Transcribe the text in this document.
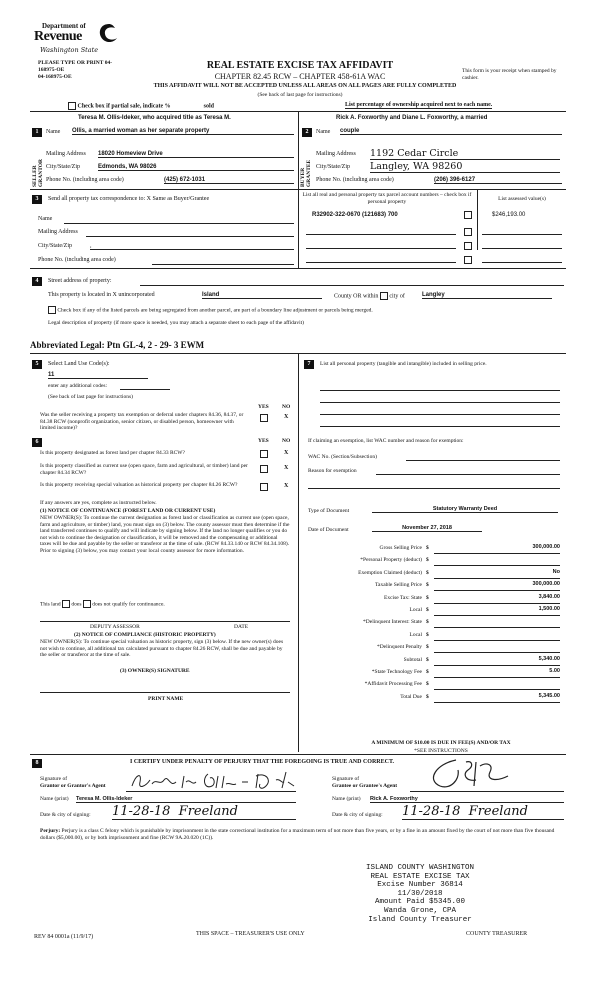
Department of
Revenue
Washington State
PLEASE TYPE OR PRINT 04-
168975-OE
04-168975-OE
REAL ESTATE EXCISE TAX AFFIDAVIT
CHAPTER 82.45 RCW – CHAPTER 458-61A WAC
This form is your receipt when stamped by cashier.
THIS AFFIDAVIT WILL NOT BE ACCEPTED UNLESS ALL AREAS ON ALL PAGES ARE FULLY COMPLETED
(See back of last page for instructions)
Check box if partial sale, indicate %	sold	List percentage of ownership acquired next to each name.
1	Name
Teresa M. Ollis-Ideker, who acquired title as Teresa M.
Ollis, a married woman as her separate property
SELLER GRANTOR
Mailing Address 18020 Homeview Drive
City/State/Zip	Edmonds, WA 98026
Phone No. (including area code)	(425) 672-1031
2	Name
Rick A. Foxworthy and Diane L. Foxworthy, a married
couple
BUYER GRANTEE
Mailing Address 1192 Cedar Circle
City/State/Zip Langley, WA 98260
Phone No. (including area code)	(206) 396-6127
3	Send all property tax correspondence to: X Same as Buyer/Grantee
Name
Mailing Address
City/State/Zip	,
Phone No. (including area code)
List all real and personal property tax parcel account numbers – check box if personal property	List assessed value(s)
R32902-322-0670 (121683) 700	$246,193.00
4	Street address of property:
This property is located in X unincorporated	Island	County OR within city of	Langley
Check box if any of the listed parcels are being segregated from another parcel, are part of a boundary line adjustment or parcels being merged.
Legal description of property (if more space is needed, you may attach a separate sheet to each page of the affidavit)
Abbreviated Legal: Ptn GL-4, 2 - 29- 3 EWM
5	Select Land Use Code(s):
11
enter any additional codes:
(See back of last page for instructions)
YES NO
Was the seller receiving a property tax exemption or deferral under chapters 84.36, 84.37, or 84.38 RCW (nonprofit organization, senior citizen, or disabled person, homeowner with limited income)?
X
6	YES NO
Is this property designated as forest land per chapter 84.33 RCW?	X
Is this property classified as current use (open space, farm and agricultural, or timber) land per chapter 84.34 RCW?
X
Is this property receiving special valuation as historical property per chapter 84.26 RCW?	X
If any answers are yes, complete as instructed below.
(1) NOTICE OF CONTINUANCE (FOREST LAND OR CURRENT USE)
NEW OWNER(S): To continue the current designation as forest land or classification as current use (open space, farm and agriculture, or timber) land, you must sign on (3) below. The county assessor must then determine if the land transferred continues to qualify and will indicate by signing below. If the land no longer qualifies or you do not wish to continue the designation or classification, it will be removed and the compensating or additional taxes will be due and payable by the seller or transferor at the time of sale. (RCW 84.33.140 or RCW 84.34.108). Prior to signing (3) below, you may contact your local county assessor for more information.
This land does does not qualify for continuance.
DEPUTY ASSESSOR	DATE
(2) NOTICE OF COMPLIANCE (HISTORIC PROPERTY)
NEW OWNER(S): To continue special valuation as historic property, sign (3) below. If the new owner(s) does not wish to continue, all additional tax calculated pursuant to chapter 84.26 RCW, shall be due and payable by the seller or transferor at the time of sale.
(3) OWNER(S) SIGNATURE
PRINT NAME
7	List all personal property (tangible and intangible) included in selling price.
If claiming an exemption, list WAC number and reason for exemption:
WAC No. (Section/Subsection)
Reason for exemption
Type of Document	Statutory Warranty Deed
Date of Document	November 27, 2018
Gross Selling Price $	300,000.00
*Personal Property (deduct) $
Exemption Claimed (deduct) $	No
Taxable Selling Price $	300,000.00
Excise Tax: State $	3,840.00
Local $	1,500.00
*Delinquent Interest: State $
Local $
*Delinquent Penalty $
Subtotal $	5,340.00
*State Technology Fee $	5.00
*Affidavit Processing Fee $
Total Due $	5,345.00
A MINIMUM OF $10.00 IS DUE IN FEE(S) AND/OR TAX
*SEE INSTRUCTIONS
8	I CERTIFY UNDER PENALTY OF PERJURY THAT THE FOREGOING IS TRUE AND CORRECT.
Signature of
Grantor or Grantor's Agent
Signature of
Grantee or Grantee's Agent
Name (print) Teresa M. Ollis-Ideker	Name (print) Rick A. Foxworthy
Date & city of signing: 11-28-18  Freeland	Date & city of signing: 11-28-18  Freeland
Perjury: Perjury is a class C felony which is punishable by imprisonment in the state correctional institution for a maximum term of not more than five years, or by a fine in an amount fixed by the court of not more than five thousand dollars ($5,000.00), or by both imprisonment and fine (RCW 9A.20.020 (1C)).
ISLAND COUNTY WASHINGTON
REAL ESTATE EXCISE TAX
Excise Number 36814
11/30/2018
Amount Paid $5345.00
Wanda Grone, CPA
Island County Treasurer
REV 84 0001a (11/9/17)	THIS SPACE – TREASURER'S USE ONLY	COUNTY TREASURER
